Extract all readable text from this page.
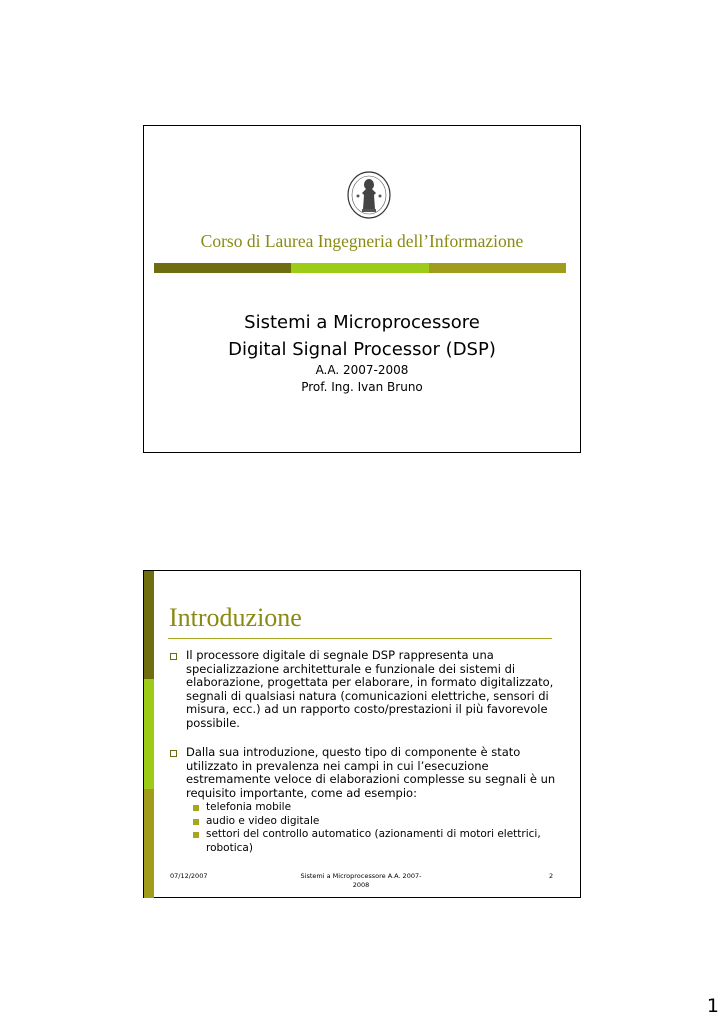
Corso di Laurea Ingegneria dell’Informazione
Sistemi a Microprocessore
Digital Signal Processor (DSP)
A.A. 2007-2008
Prof. Ing. Ivan Bruno
Introduzione
Il processore digitale di segnale DSP rappresenta una specializzazione architetturale e funzionale dei sistemi di elaborazione, progettata per elaborare, in formato digitalizzato, segnali di qualsiasi natura (comunicazioni elettriche, sensori di misura, ecc.) ad un rapporto costo/prestazioni il più favorevole possibile.
Dalla sua introduzione, questo tipo di componente è stato utilizzato in prevalenza nei campi in cui l’esecuzione estremamente veloce di elaborazioni complesse su segnali è un requisito importante, come ad esempio:
telefonia mobile
audio e video digitale
settori del controllo automatico (azionamenti di motori elettrici, robotica)
07/12/2007	Sistemi a Microprocessore A.A. 2007-2008
2
1
